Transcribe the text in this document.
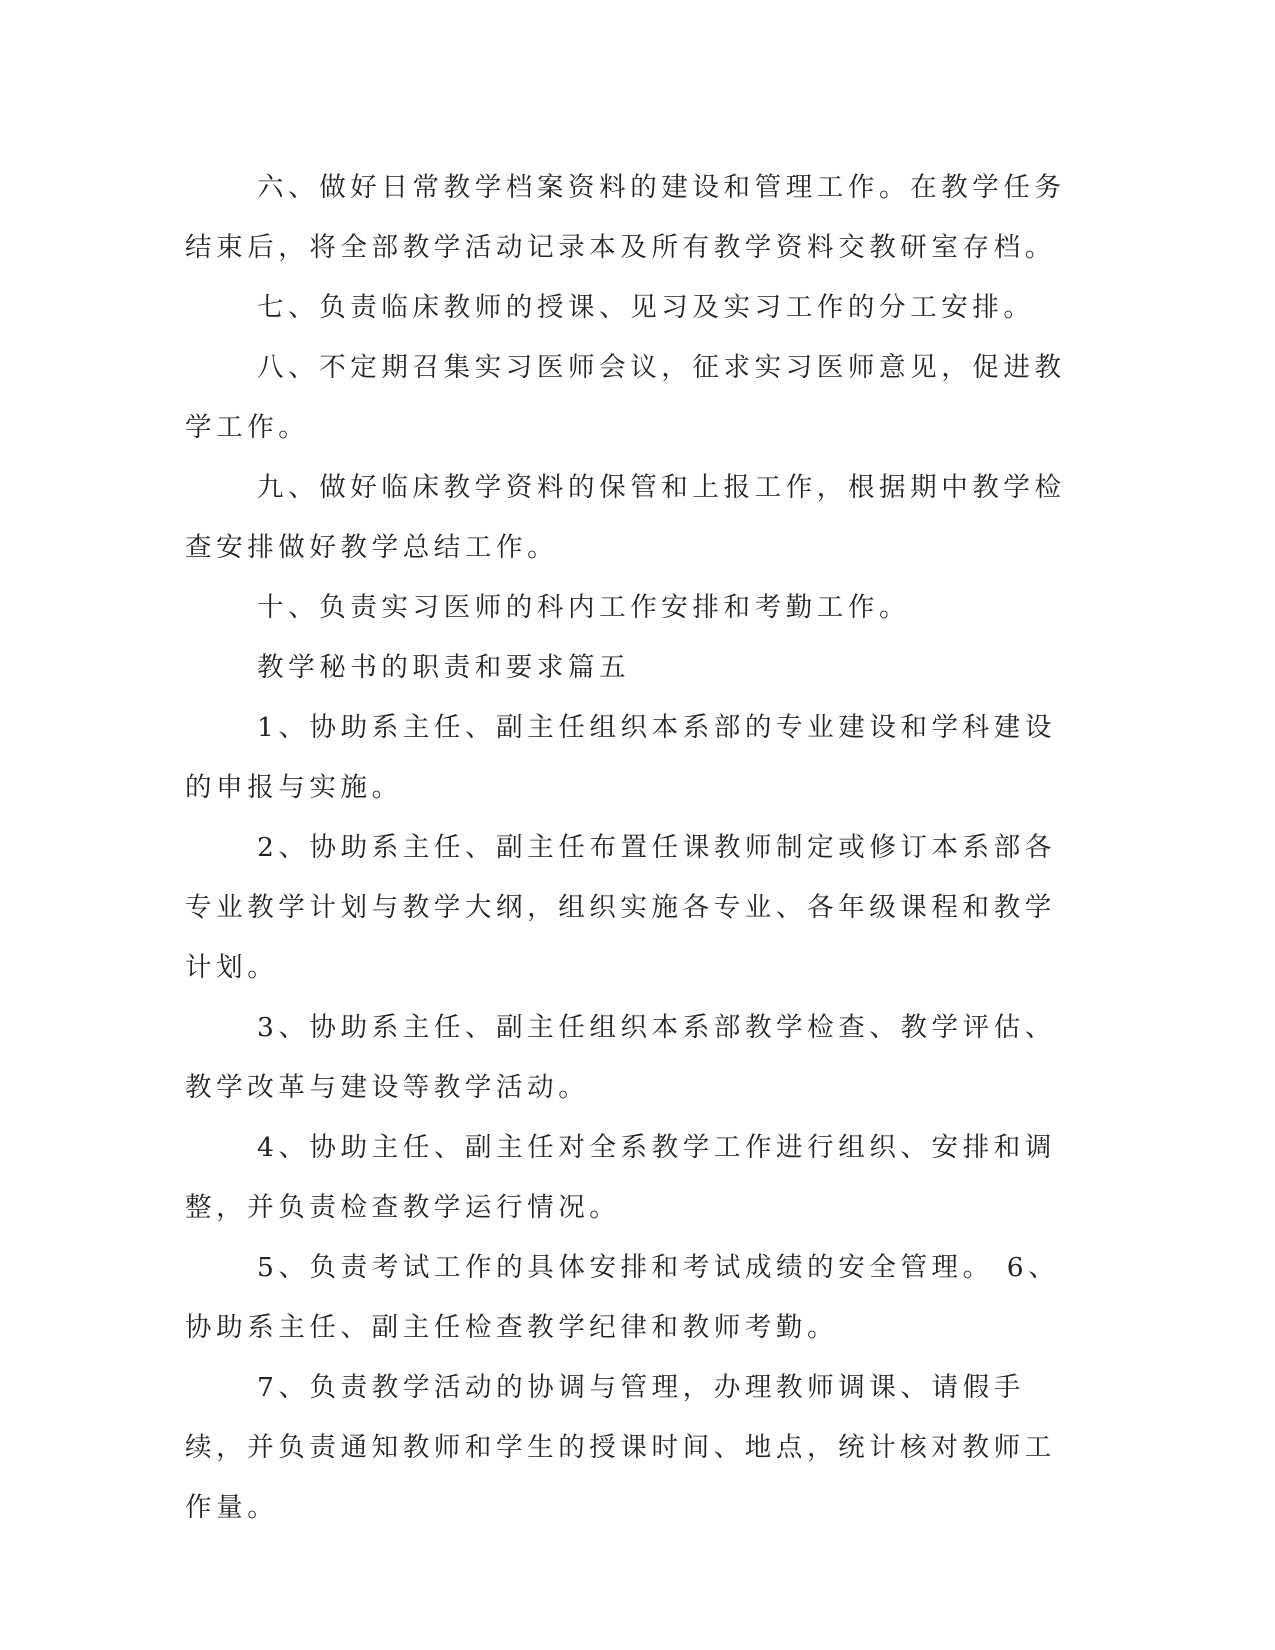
六、做好日常教学档案资料的建设和管理工作。在教学任务结束后，将全部教学活动记录本及所有教学资料交教研室存档。

七、负责临床教师的授课、见习及实习工作的分工安排。

八、不定期召集实习医师会议，征求实习医师意见，促进教学工作。

九、做好临床教学资料的保管和上报工作，根据期中教学检查安排做好教学总结工作。

十、负责实习医师的科内工作安排和考勤工作。

教学秘书的职责和要求篇五

1、协助系主任、副主任组织本系部的专业建设和学科建设的申报与实施。

2、协助系主任、副主任布置任课教师制定或修订本系部各专业教学计划与教学大纲，组织实施各专业、各年级课程和教学计划。

3、协助系主任、副主任组织本系部教学检查、教学评估、教学改革与建设等教学活动。

4、协助主任、副主任对全系教学工作进行组织、安排和调整，并负责检查教学运行情况。

5、负责考试工作的具体安排和考试成绩的安全管理。 6、协助系主任、副主任检查教学纪律和教师考勤。

7、负责教学活动的协调与管理，办理教师调课、请假手续，并负责通知教师和学生的授课时间、地点，统计核对教师工作量。
